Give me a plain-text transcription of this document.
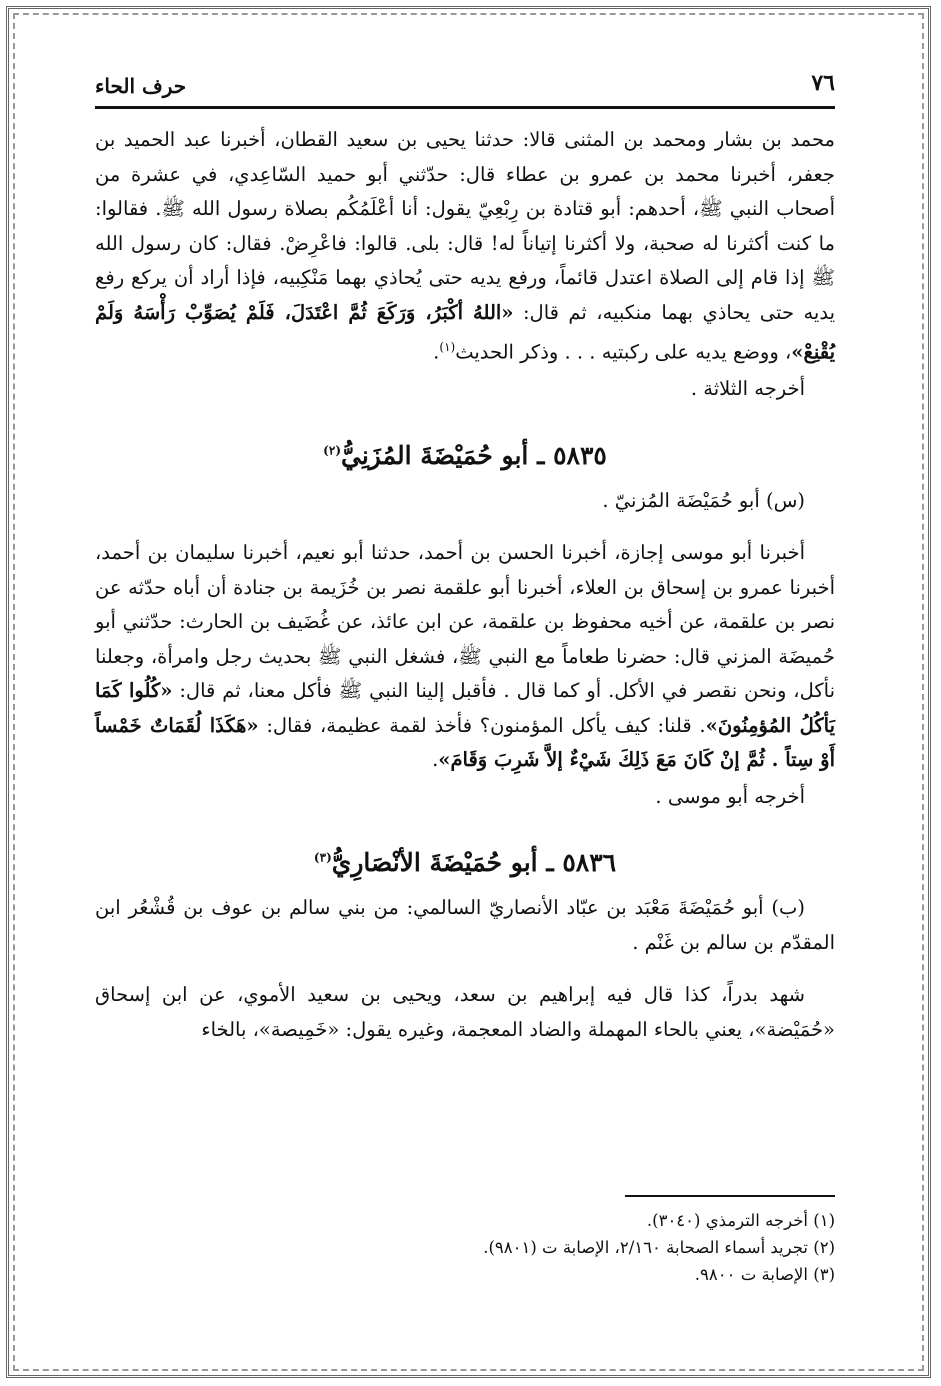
٧٦
حرف الحاء

محمد بن بشار ومحمد بن المثنى قالا: حدثنا يحيى بن سعيد القطان، أخبرنا عبد الحميد بن جعفر، أخبرنا محمد بن عمرو بن عطاء قال: حدّثني أبو حميد السّاعِدي، في عشرة من أصحاب النبي ﷺ، أحدهم: أبو قتادة بن رِبْعِيّ يقول: أنا أعْلَمُكُم بصلاة رسول الله ﷺ. فقالوا: ما كنت أكثرنا له صحبة، ولا أكثرنا إتياناً له! قال: بلى. قالوا: فاعْرِضْ. فقال: كان رسول الله ﷺ إذا قام إلى الصلاة اعتدل قائماً، ورفع يديه حتى يُحاذي بهما مَنْكِبيه، فإذا أراد أن يركع رفع يديه حتى يحاذي بهما منكبيه، ثم قال: «اللهُ أكْبَرُ، وَرَكَعَ ثُمَّ اعْتَدَلَ، فَلَمْ يُصَوِّبْ رَأْسَهُ وَلَمْ يُقْنِعْ»، ووضع يديه على ركبتيه . . . وذكر الحديث$^{(١)}$.

أخرجه الثلاثة .

٥٨٣٥ ـ أبو حُمَيْضَةَ المُزَنِيُّ$^{(٢)}$

(س) أبو حُمَيْضَة المُزنيّ .

أخبرنا أبو موسى إجازة، أخبرنا الحسن بن أحمد، حدثنا أبو نعيم، أخبرنا سليمان بن أحمد، أخبرنا عمرو بن إسحاق بن العلاء، أخبرنا أبو علقمة نصر بن خُزَيمة بن جنادة أن أباه حدّثه عن نصر بن علقمة، عن أخيه محفوظ بن علقمة، عن ابن عائذ، عن غُضَيف بن الحارث: حدّثني أبو حُميضَة المزني قال: حضرنا طعاماً مع النبي ﷺ، فشغل النبي ﷺ بحديث رجل وامرأة، وجعلنا نأكل، ونحن نقصر في الأكل. أو كما قال . فأقبل إلينا النبي ﷺ فأكل معنا، ثم قال: «كُلُوا كَمَا يَأكُلُ المُؤمِنُونَ». قلنا: كيف يأكل المؤمنون؟ فأخذ لقمة عظيمة، فقال: «هَكَذَا لُقَمَاتٌ خَمْساً أَوْ سِتاً . ثُمَّ إنْ كَانَ مَعَ ذَلِكَ شَيْءٌ إلاَّ شَرِبَ وَقَامَ».

أخرجه أبو موسى .

٥٨٣٦ ـ أبو حُمَيْضَةَ الأنْصَارِيُّ$^{(٣)}$

(ب) أبو حُمَيْضَةَ مَعْبَد بن عبّاد الأنصاريّ السالمي: من بني سالم بن عوف بن قُشْعُر ابن المقدّم بن سالم بن غَنْم .

شهد بدراً، كذا قال فيه إبراهيم بن سعد، ويحيى بن سعيد الأموي، عن ابن إسحاق «حُمَيْضة»، يعني بالحاء المهملة والضاد المعجمة، وغيره يقول: «خَمِيصة»، بالخاء

(١) أخرجه الترمذي (٣٠٤٠).

(٢) تجريد أسماء الصحابة ٢/١٦٠، الإصابة ت (٩٨٠١).

(٣) الإصابة ت ٩٨٠٠.
